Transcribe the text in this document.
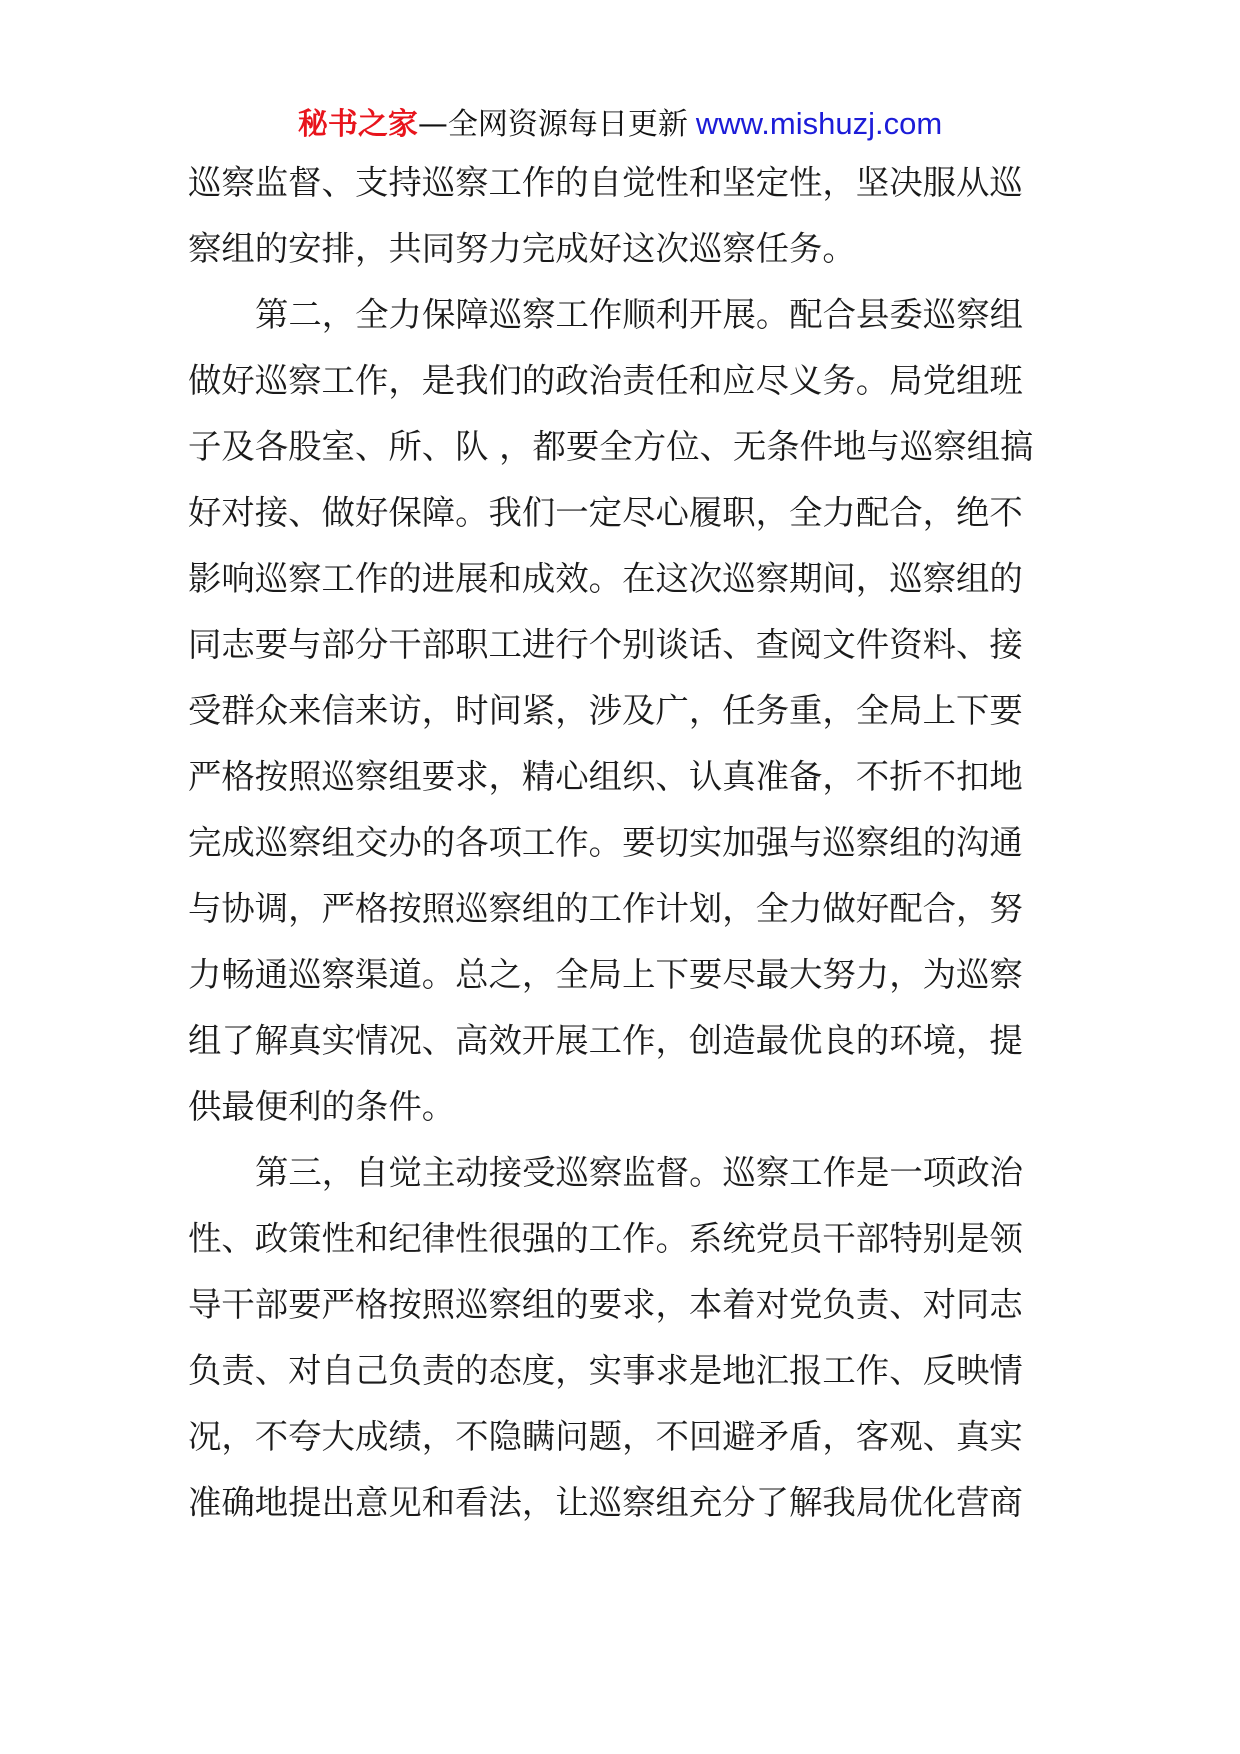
秘书之家—全网资源每日更新 www.mishuzj.com
巡察监督、支持巡察工作的自觉性和坚定性，坚决服从巡
察组的安排，共同努力完成好这次巡察任务。
第二，全力保障巡察工作顺利开展。配合县委巡察组
做好巡察工作，是我们的政治责任和应尽义务。局党组班
子及各股室、所、队 ，都要全方位、无条件地与巡察组搞
好对接、做好保障。我们一定尽心履职，全力配合，绝不
影响巡察工作的进展和成效。在这次巡察期间，巡察组的
同志要与部分干部职工进行个别谈话、查阅文件资料、接
受群众来信来访，时间紧，涉及广，任务重，全局上下要
严格按照巡察组要求，精心组织、认真准备，不折不扣地
完成巡察组交办的各项工作。要切实加强与巡察组的沟通
与协调，严格按照巡察组的工作计划，全力做好配合，努
力畅通巡察渠道。总之，全局上下要尽最大努力，为巡察
组了解真实情况、高效开展工作，创造最优良的环境，提
供最便利的条件。
第三，自觉主动接受巡察监督。巡察工作是一项政治
性、政策性和纪律性很强的工作。系统党员干部特别是领
导干部要严格按照巡察组的要求，本着对党负责、对同志
负责、对自己负责的态度，实事求是地汇报工作、反映情
况，不夸大成绩，不隐瞒问题，不回避矛盾，客观、真实
准确地提出意见和看法，让巡察组充分了解我局优化营商
